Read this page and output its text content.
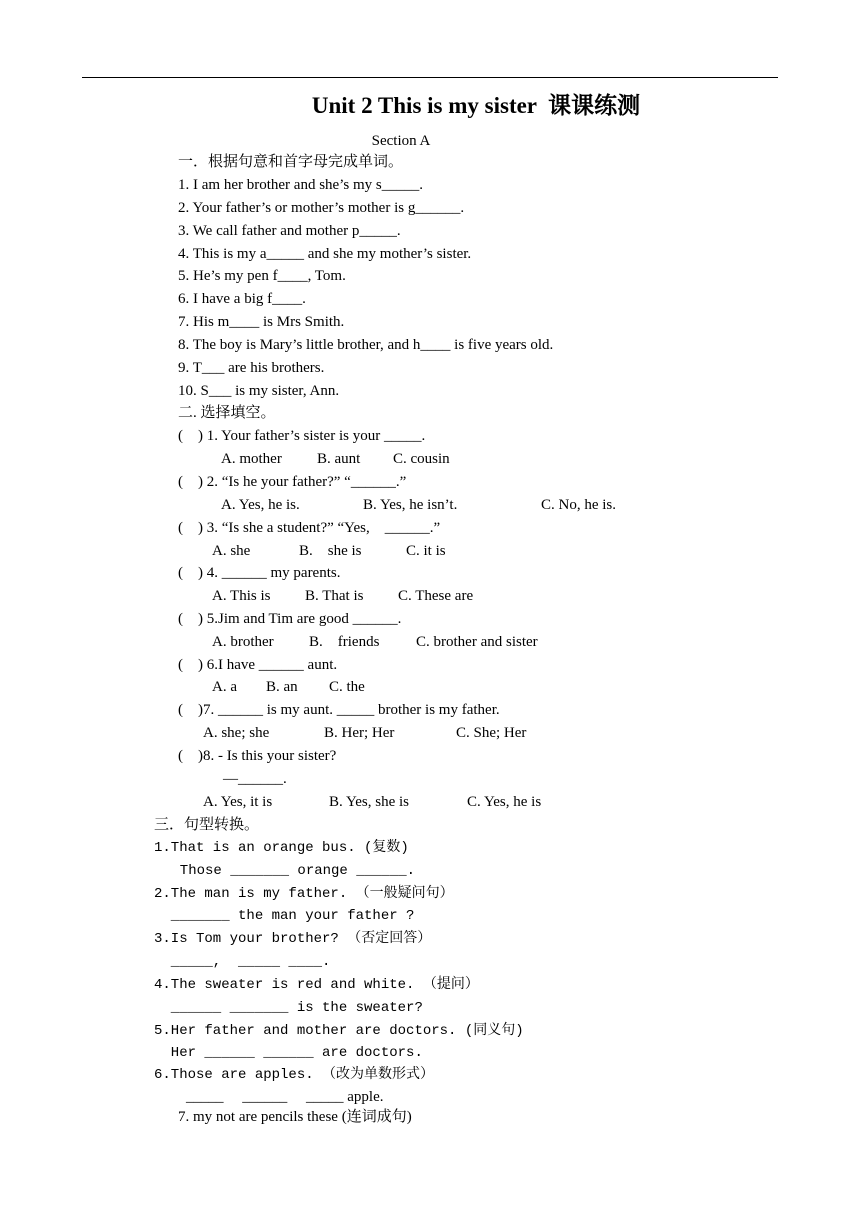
Unit 2 This is my sister  课课练测
Section A
一．根据句意和首字母完成单词。
1. I am her brother and she’s my s_____.
2. Your father’s or mother’s mother is g______.
3. We call father and mother p_____.
4. This is my a_____ and she my mother’s sister.
5. He’s my pen f____, Tom.
6. I have a big f____.
7. His m____ is Mrs Smith.
8. The boy is Mary’s little brother, and h____ is five years old.
9. T___ are his brothers.
10. S___ is my sister, Ann.
二. 选择填空。
(    ) 1. Your father’s sister is your _____.
A. mother B. aunt C. cousin
(    ) 2. “Is he your father?” “______.”
A. Yes, he is.	B. Yes, he isn’t.	C. No, he is.
(    ) 3. “Is she a student?” “Yes,    ______.”
A. she	B.    she is	C. it is
(    ) 4. ______ my parents.
A. This is B. That is C. These are
(    ) 5.Jim and Tim are good ______.
A. brother B.    friends C. brother and sister
(    ) 6.I have ______ aunt.
A. a B. an C. the
(    )7. ______ is my aunt. _____ brother is my father.
A. she; she	B. Her; Her	C. She; Her
(    )8. - Is this your sister?
—______.
A. Yes, it is	B. Yes, she is	C. Yes, he is
三．句型转换。
1.That is an orange bus. (复数)
Those _______ orange ______.
2.The man is my father. （一般疑问句）
_______ the man your father ?
3.Is Tom your brother? （否定回答）
_____,  _____ ____.
4.The sweater is red and white. （提问）
______ _______ is the sweater?
5.Her father and mother are doctors. (同义句)
Her ______ ______ are doctors.
6.Those are apples. （改为单数形式）
_____     ______     _____ apple.
7. my not are pencils these (连词成句)
